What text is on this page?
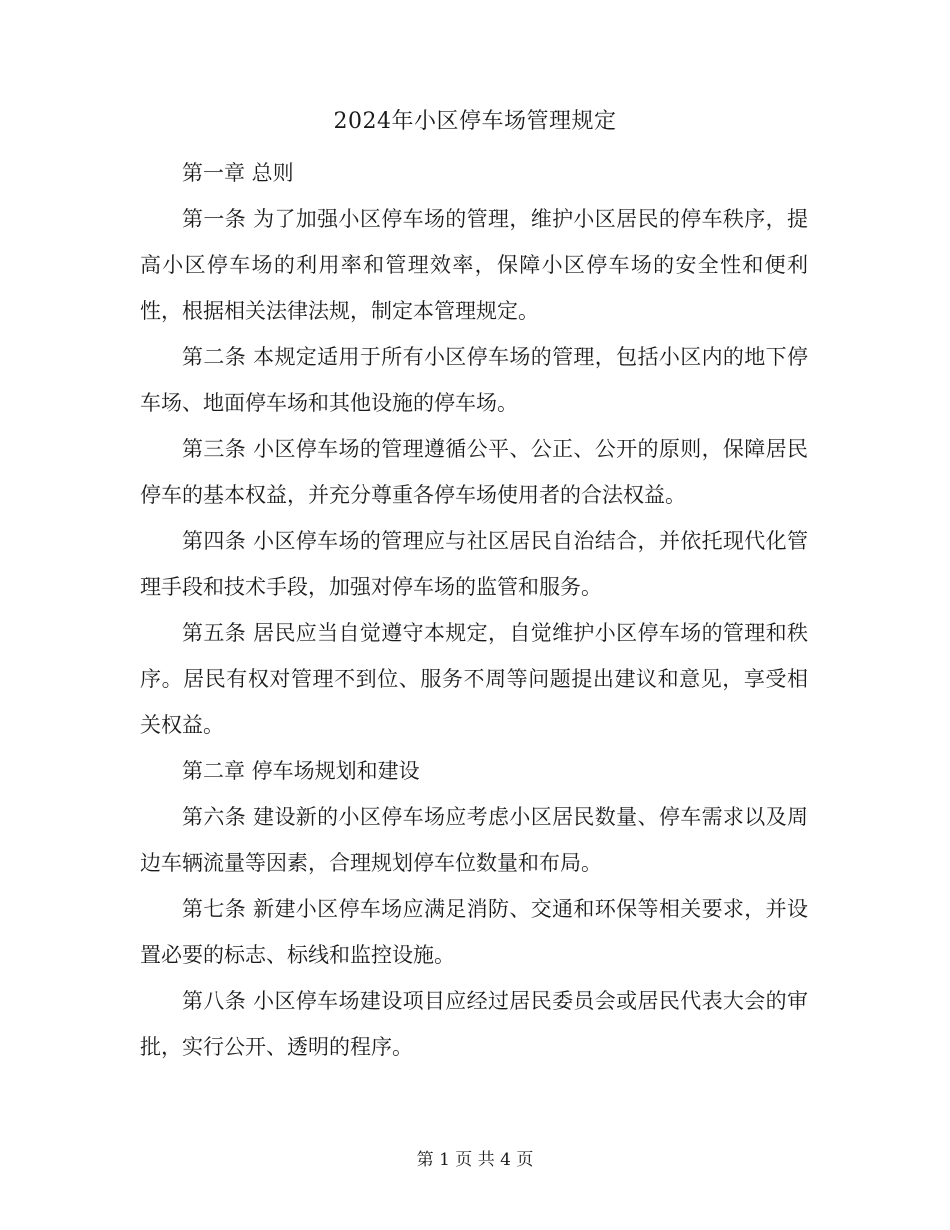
2024年小区停车场管理规定

第一章 总则

第一条 为了加强小区停车场的管理，维护小区居民的停车秩序，提高小区停车场的利用率和管理效率，保障小区停车场的安全性和便利性，根据相关法律法规，制定本管理规定。

第二条 本规定适用于所有小区停车场的管理，包括小区内的地下停车场、地面停车场和其他设施的停车场。

第三条 小区停车场的管理遵循公平、公正、公开的原则，保障居民停车的基本权益，并充分尊重各停车场使用者的合法权益。

第四条 小区停车场的管理应与社区居民自治结合，并依托现代化管理手段和技术手段，加强对停车场的监管和服务。

第五条 居民应当自觉遵守本规定，自觉维护小区停车场的管理和秩序。居民有权对管理不到位、服务不周等问题提出建议和意见，享受相关权益。

第二章 停车场规划和建设

第六条 建设新的小区停车场应考虑小区居民数量、停车需求以及周边车辆流量等因素，合理规划停车位数量和布局。

第七条 新建小区停车场应满足消防、交通和环保等相关要求，并设置必要的标志、标线和监控设施。

第八条 小区停车场建设项目应经过居民委员会或居民代表大会的审批，实行公开、透明的程序。

第 1 页 共 4 页
